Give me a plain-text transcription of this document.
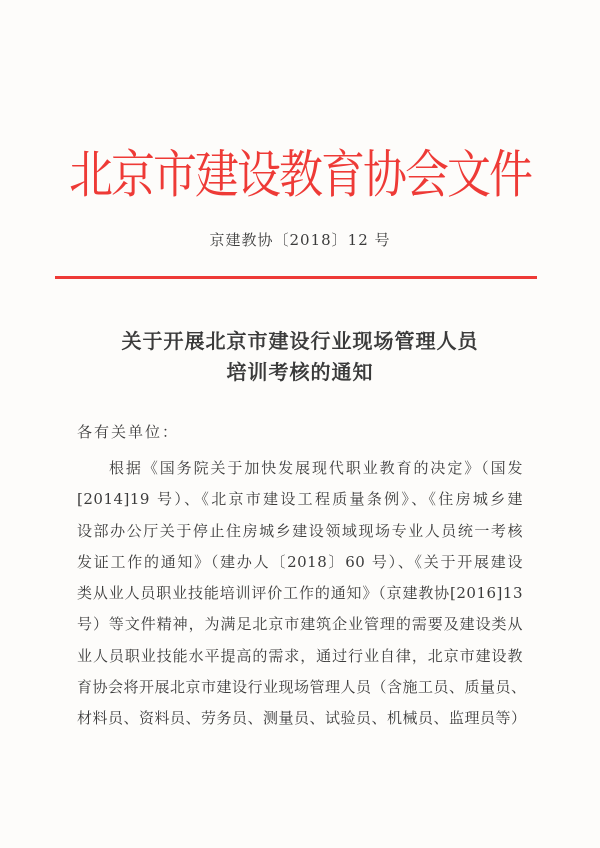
北京市建设教育协会文件
京建教协〔2018〕12 号
关于开展北京市建设行业现场管理人员
培训考核的通知
各有关单位：
根据《国务院关于加快发展现代职业教育的决定》（国发
[2014]19 号）、《北京市建设工程质量条例》、《住房城乡建
设部办公厅关于停止住房城乡建设领域现场专业人员统一考核
发证工作的通知》（建办人〔2018〕60 号）、《关于开展建设
类从业人员职业技能培训评价工作的通知》（京建教协[2016]13
号）等文件精神，为满足北京市建筑企业管理的需要及建设类从
业人员职业技能水平提高的需求，通过行业自律，北京市建设教
育协会将开展北京市建设行业现场管理人员（含施工员、质量员、
材料员、资料员、劳务员、测量员、试验员、机械员、监理员等）
